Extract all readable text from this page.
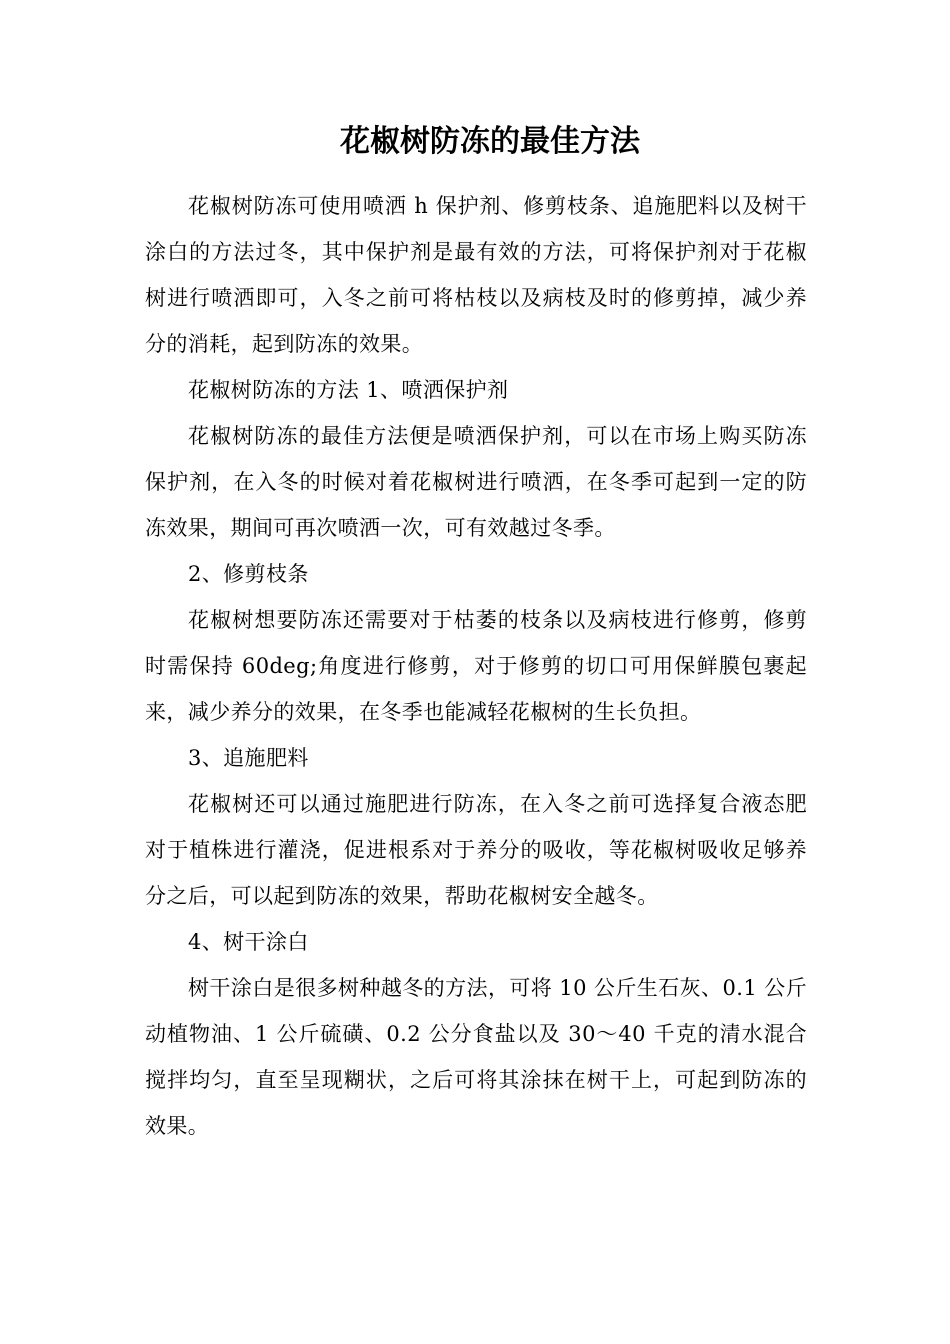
花椒树防冻的最佳方法

花椒树防冻可使用喷洒 h 保护剂、修剪枝条、追施肥料以及树干涂白的方法过冬，其中保护剂是最有效的方法，可将保护剂对于花椒树进行喷洒即可，入冬之前可将枯枝以及病枝及时的修剪掉，减少养分的消耗，起到防冻的效果。

花椒树防冻的方法 1、喷洒保护剂

花椒树防冻的最佳方法便是喷洒保护剂，可以在市场上购买防冻保护剂，在入冬的时候对着花椒树进行喷洒，在冬季可起到一定的防冻效果，期间可再次喷洒一次，可有效越过冬季。

2、修剪枝条

花椒树想要防冻还需要对于枯萎的枝条以及病枝进行修剪，修剪时需保持 60deg;角度进行修剪，对于修剪的切口可用保鲜膜包裹起来，减少养分的效果，在冬季也能减轻花椒树的生长负担。

3、追施肥料

花椒树还可以通过施肥进行防冻，在入冬之前可选择复合液态肥对于植株进行灌浇，促进根系对于养分的吸收，等花椒树吸收足够养分之后，可以起到防冻的效果，帮助花椒树安全越冬。

4、树干涂白

树干涂白是很多树种越冬的方法，可将 10 公斤生石灰、0.1 公斤动植物油、1 公斤硫磺、0.2 公分食盐以及 30～40 千克的清水混合搅拌均匀，直至呈现糊状，之后可将其涂抹在树干上，可起到防冻的效果。
